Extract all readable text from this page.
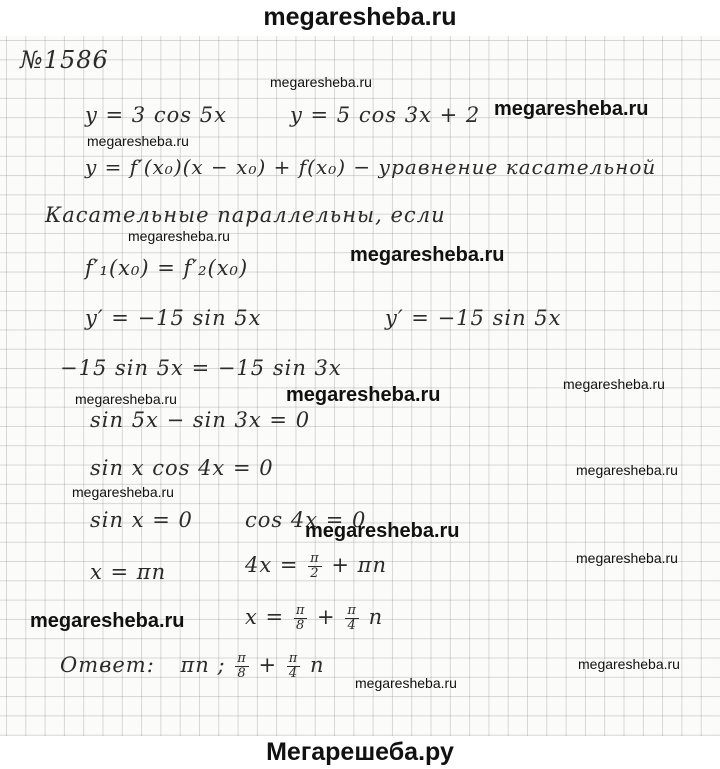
megaresheba.ru
№1586
y = 3 cos 5x	y = 5 cos 3x + 2
y = f′(x₀)(x − x₀) + f(x₀) − уравнение касательной
Касательные параллельны, если
f′₁(x₀) = f′₂(x₀)
y′ = −15 sin 5x	y′ = −15 sin 5x
−15 sin 5x = −15 sin 3x
sin 5x − sin 3x = 0
sin x cos 4x = 0
sin x = 0 cos 4x = 0
x = πn	$4x = \frac{\pi}{2} + \pi n$
$x = \frac{\pi}{8} + \frac{\pi}{4}$ n
Ответ: πn ; $\frac{\pi}{8} + \frac{\pi}{4}$ n
megaresheba.ru
megaresheba.ru
megaresheba.ru
megaresheba.ru
megaresheba.ru
megaresheba.ru
megaresheba.ru
megaresheba.ru
megaresheba.ru
megaresheba.ru
megaresheba.ru
megaresheba.ru
megaresheba.ru
megaresheba.ru
megaresheba.ru
Мегарешеба.ру
